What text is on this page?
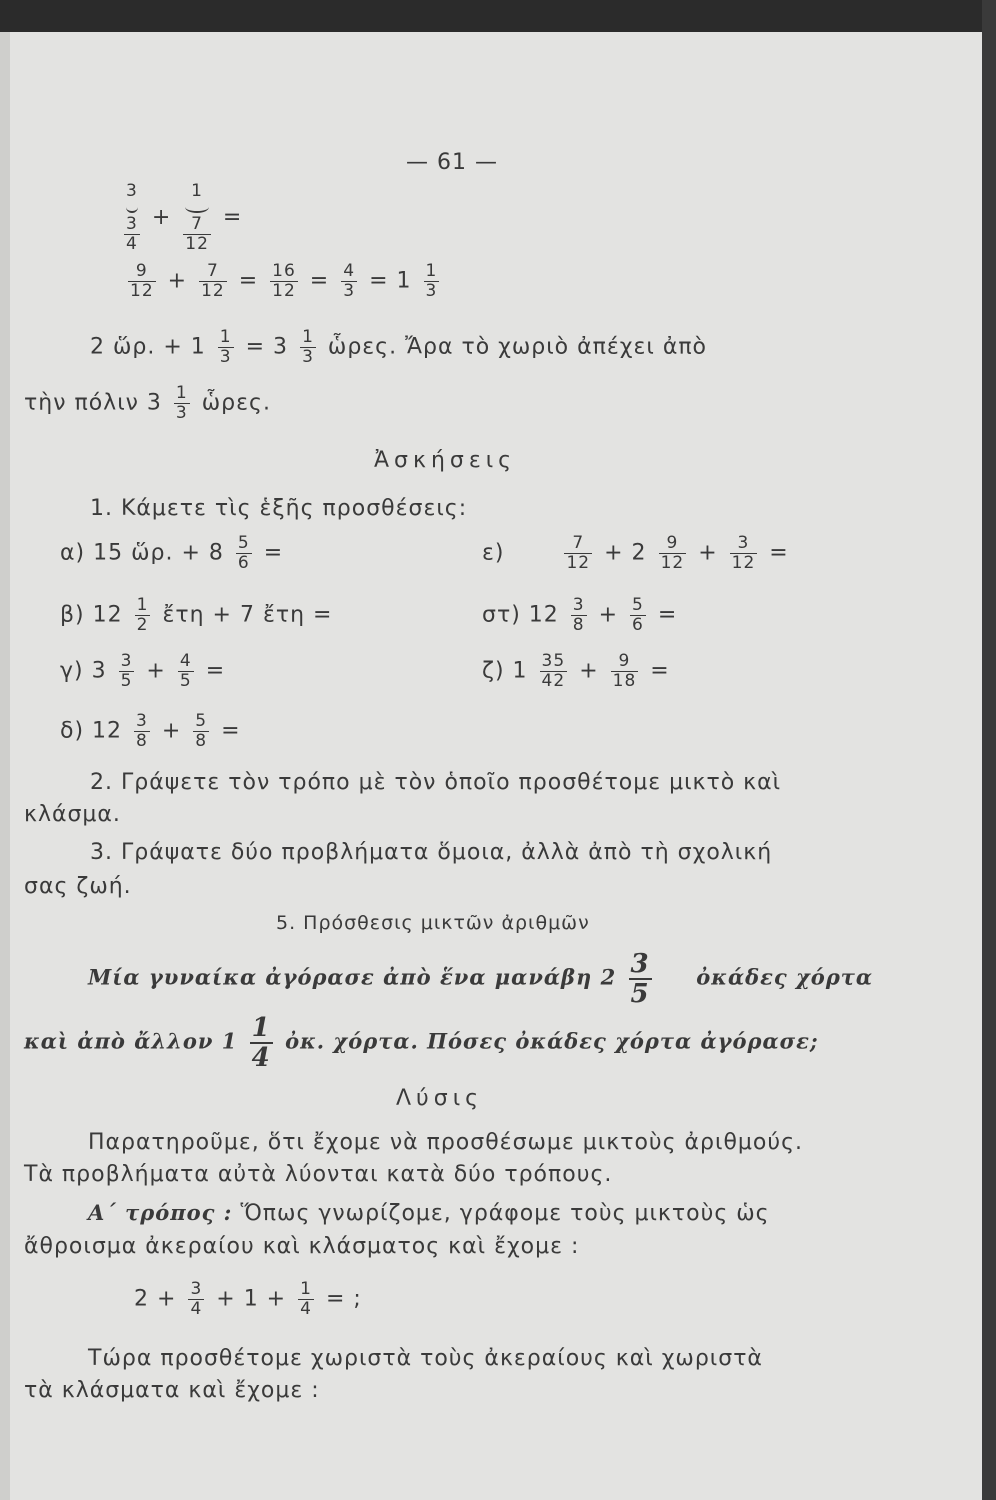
— 61 —
3
3
4
+
1
7
12
=
$\frac{9}{12} + \frac{7}{12} = \frac{16}{12} = \frac{4}{3} = 1 \frac{1}{3}$
2 ὥρ. + $1 \frac{1}{3} = 3 \frac{1}{3}$ ὧρες. Ἄρα τὸ χωριὸ ἀπέχει ἀπὸ
τὴν πόλιν $3 \frac{1}{3}$ ὧρες.
Ἀσκήσεις
1. Κάμετε τὶς ἑξῆς προσθέσεις:
α) 15 ὥρ. + $8 \frac{5}{6}$ =
β) $12 \frac{1}{2}$ ἔτη + 7 ἔτη =
γ) $3 \frac{3}{5} + \frac{4}{5}$ =
δ) $12 \frac{3}{8} + \frac{5}{8}$ =
ε)	$\frac{7}{12} + 2 \frac{9}{12} + \frac{3}{12}$ =
στ) $12 \frac{3}{8} + \frac{5}{6}$ =
ζ) $1 \frac{35}{42} + \frac{9}{18}$ =
2. Γράψετε τὸν τρόπο μὲ τὸν ὁποῖο προσθέτομε μικτὸ καὶ
κλάσμα.
3. Γράψατε δύο προβλήματα ὅμοια, ἀλλὰ ἀπὸ τὴ σχολική
σας ζωή.
5. Πρόσθεσις μικτῶν ἀριθμῶν
Μία γυναίκα ἀγόρασε ἀπὸ ἕνα μανάβη $2 \frac{3}{5}$ ὀκάδες χόρτα
καὶ ἀπὸ ἄλλον $1 \frac{1}{4}$ ὀκ. χόρτα. Πόσες ὀκάδες χόρτα ἀγόρασε;
Λύσις
Παρατηροῦμε, ὅτι ἔχομε νὰ προσθέσωμε μικτοὺς ἀριθμούς.
Τὰ προβλήματα αὐτὰ λύονται κατὰ δύο τρόπους.
Α΄ τρόπος : Ὅπως γνωρίζομε, γράφομε τοὺς μικτοὺς ὡς
ἄθροισμα ἀκεραίου καὶ κλάσματος καὶ ἔχομε :
$2 + \frac{3}{4} + 1 + \frac{1}{4}$ = ;
Τώρα προσθέτομε χωριστὰ τοὺς ἀκεραίους καὶ χωριστὰ
τὰ κλάσματα καὶ ἔχομε :
